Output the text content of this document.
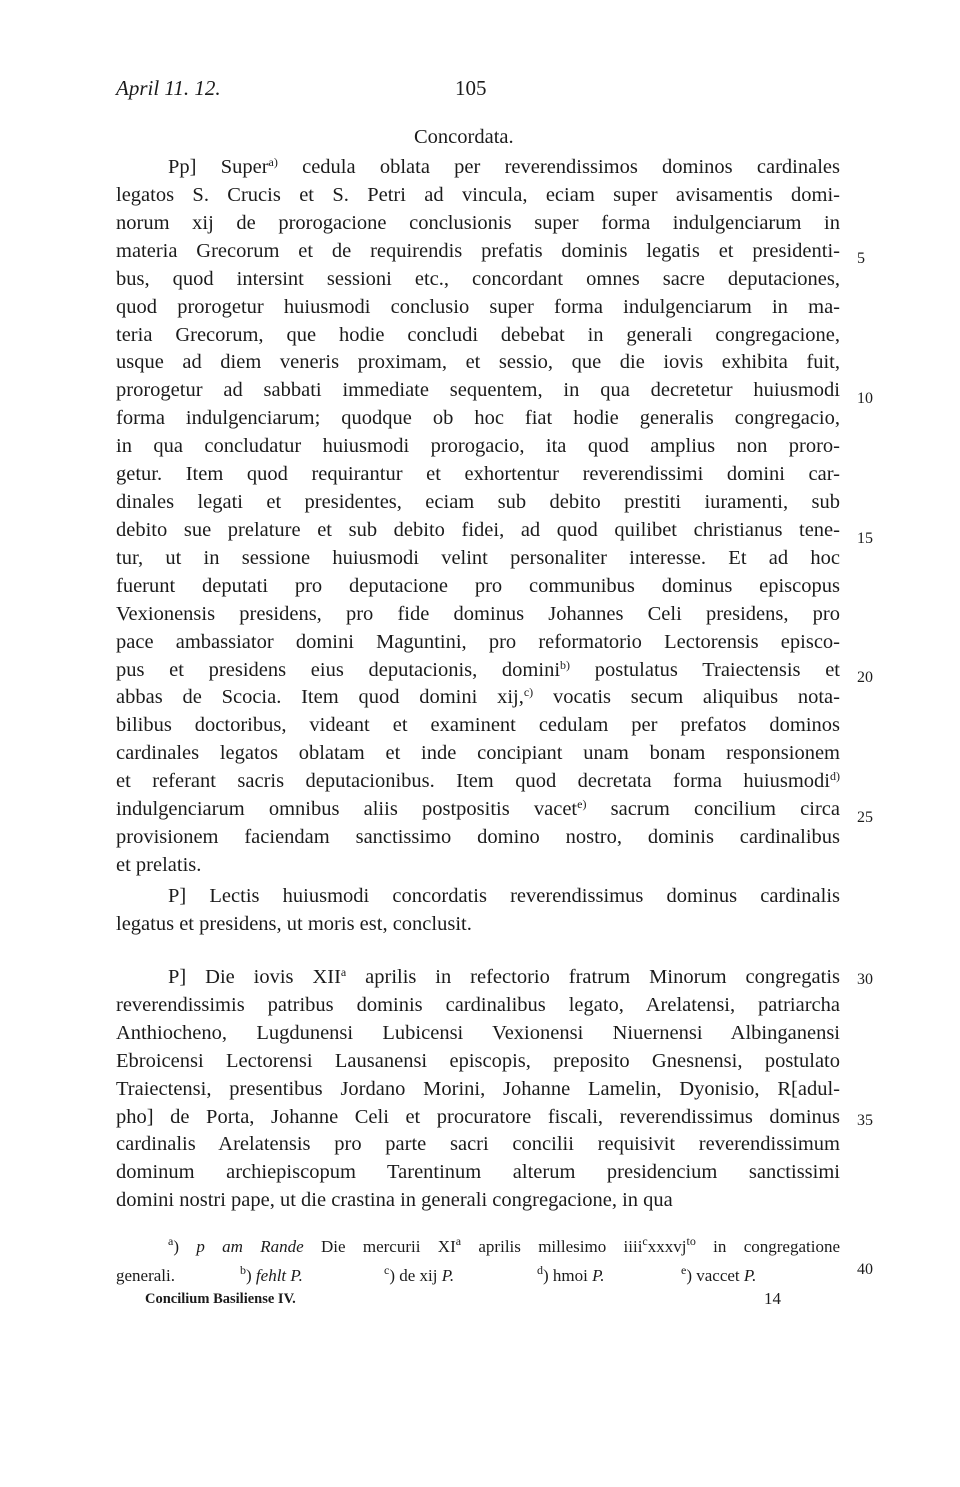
April 11. 12.	105
Concordata.
Pp] Super$^{a)}$ cedula oblata per reverendissimos dominos cardinales
legatos S. Crucis et S. Petri ad vincula, eciam super avisamentis domi-
norum xij de prorogacione conclusionis super forma indulgenciarum in
materia Grecorum et de requirendis prefatis dominis legatis et presidenti-
bus, quod intersint sessioni etc., concordant omnes sacre deputaciones,
quod prorogetur huiusmodi conclusio super forma indulgenciarum in ma-
teria Grecorum, que hodie concludi debebat in generali congregacione,
usque ad diem veneris proximam, et sessio, que die iovis exhibita fuit,
prorogetur ad sabbati immediate sequentem, in qua decretetur huiusmodi
forma indulgenciarum; quodque ob hoc fiat hodie generalis congregacio,
in qua concludatur huiusmodi prorogacio, ita quod amplius non proro-
getur. Item quod requirantur et exhortentur reverendissimi domini car-
dinales legati et presidentes, eciam sub debito prestiti iuramenti, sub
debito sue prelature et sub debito fidei, ad quod quilibet christianus tene-
tur, ut in sessione huiusmodi velint personaliter interesse. Et ad hoc
fuerunt deputati pro deputacione pro communibus dominus episcopus
Vexionensis presidens, pro fide dominus Johannes Celi presidens, pro
pace ambassiator domini Maguntini, pro reformatorio Lectorensis episco-
pus et presidens eius deputacionis, domini$^{b)}$ postulatus Traiectensis et
abbas de Scocia. Item quod domini xij,$^{c)}$ vocatis secum aliquibus nota-
bilibus doctoribus, videant et examinent cedulam per prefatos dominos
cardinales legatos oblatam et inde concipiant unam bonam responsionem
et referant sacris deputacionibus. Item quod decretata forma huiusmodi$^{d)}$
indulgenciarum omnibus aliis postpositis vacet$^{e)}$ sacrum concilium circa
provisionem faciendam sanctissimo domino nostro, dominis cardinalibus
et prelatis.
P] Lectis huiusmodi concordatis reverendissimus dominus cardinalis
legatus et presidens, ut moris est, conclusit.
P] Die iovis XII$^a$ aprilis in refectorio fratrum Minorum congregatis
reverendissimis patribus dominis cardinalibus legato, Arelatensi, patriarcha
Anthiocheno, Lugdunensi Lubicensi Vexionensi Niuernensi Albinganensi
Ebroicensi Lectorensi Lausanensi episcopis, preposito Gnesnensi, postulato
Traiectensi, presentibus Jordano Morini, Johanne Lamelin, Dyonisio, R[adul-
pho] de Porta, Johanne Celi et procuratore fiscali, reverendissimus dominus
cardinalis Arelatensis pro parte sacri concilii requisivit reverendissimum
dominum archiepiscopum Tarentinum alterum presidencium sanctissimi
domini nostri pape, ut die crastina in generali congregacione, in qua
5
10
15
20
25
30
35
40
$^a$) p am Rande Die mercurii $XI^a$ aprilis millesimo iiii$^c$xxxvj$^{to}$ in congregatione
generali.	$^b$) fehlt P.	$^c$) de xij P.	$^d$) hmoi P.	$^e$) vaccet P.
Concilium Basiliense IV.	14
